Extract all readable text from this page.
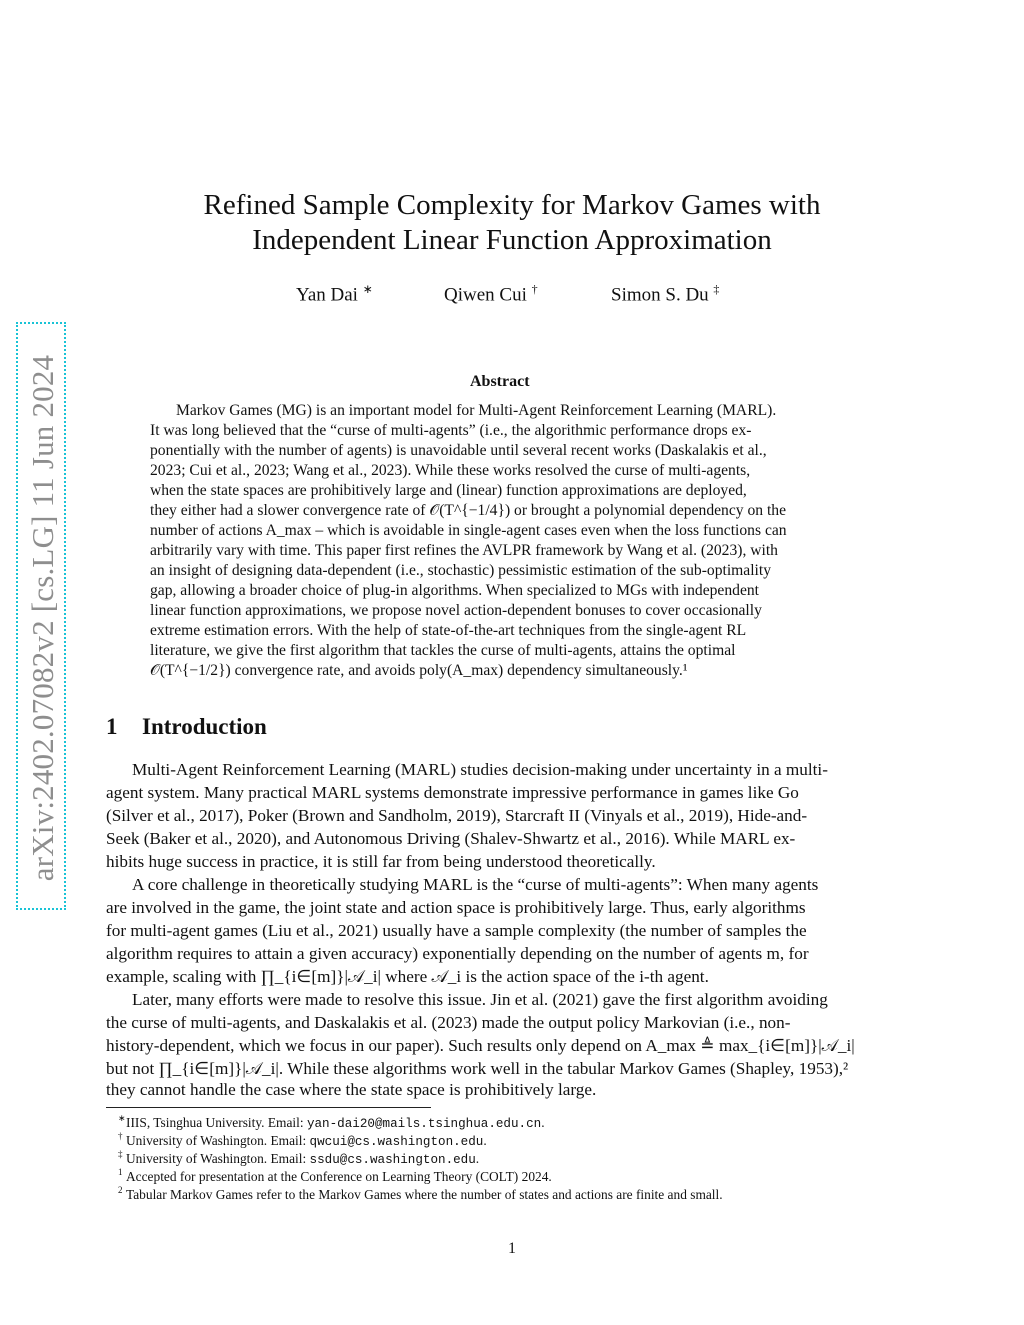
arXiv:2402.07082v2 [cs.LG] 11 Jun 2024
Refined Sample Complexity for Markov Games with
Independent Linear Function Approximation
Yan Dai ∗	Qiwen Cui †	Simon S. Du ‡
Abstract
Markov Games (MG) is an important model for Multi-Agent Reinforcement Learning (MARL).
It was long believed that the “curse of multi-agents” (i.e., the algorithmic performance drops ex-
ponentially with the number of agents) is unavoidable until several recent works (Daskalakis et al.,
2023; Cui et al., 2023; Wang et al., 2023). While these works resolved the curse of multi-agents,
when the state spaces are prohibitively large and (linear) function approximations are deployed,
they either had a slower convergence rate of 𝒪(T^{−1/4}) or brought a polynomial dependency on the
number of actions A_max – which is avoidable in single-agent cases even when the loss functions can
arbitrarily vary with time. This paper first refines the AVLPR framework by Wang et al. (2023), with
an insight of designing data-dependent (i.e., stochastic) pessimistic estimation of the sub-optimality
gap, allowing a broader choice of plug-in algorithms. When specialized to MGs with independent
linear function approximations, we propose novel action-dependent bonuses to cover occasionally
extreme estimation errors. With the help of state-of-the-art techniques from the single-agent RL
literature, we give the first algorithm that tackles the curse of multi-agents, attains the optimal
𝒪(T^{−1/2}) convergence rate, and avoids poly(A_max) dependency simultaneously.¹
1 Introduction
Multi-Agent Reinforcement Learning (MARL) studies decision-making under uncertainty in a multi-
agent system. Many practical MARL systems demonstrate impressive performance in games like Go
(Silver et al., 2017), Poker (Brown and Sandholm, 2019), Starcraft II (Vinyals et al., 2019), Hide-and-
Seek (Baker et al., 2020), and Autonomous Driving (Shalev-Shwartz et al., 2016). While MARL ex-
hibits huge success in practice, it is still far from being understood theoretically.
A core challenge in theoretically studying MARL is the “curse of multi-agents”: When many agents
are involved in the game, the joint state and action space is prohibitively large. Thus, early algorithms
for multi-agent games (Liu et al., 2021) usually have a sample complexity (the number of samples the
algorithm requires to attain a given accuracy) exponentially depending on the number of agents m, for
example, scaling with ∏_{i∈[m]}|𝒜_i| where 𝒜_i is the action space of the i-th agent.
Later, many efforts were made to resolve this issue. Jin et al. (2021) gave the first algorithm avoiding
the curse of multi-agents, and Daskalakis et al. (2023) made the output policy Markovian (i.e., non-
history-dependent, which we focus in our paper). Such results only depend on A_max ≜ max_{i∈[m]}|𝒜_i|
but not ∏_{i∈[m]}|𝒜_i|. While these algorithms work well in the tabular Markov Games (Shapley, 1953),²
they cannot handle the case where the state space is prohibitively large.
∗ IIIS, Tsinghua University. Email: yan-dai20@mails.tsinghua.edu.cn.
† University of Washington. Email: qwcui@cs.washington.edu.
‡ University of Washington. Email: ssdu@cs.washington.edu.
1 Accepted for presentation at the Conference on Learning Theory (COLT) 2024.
2 Tabular Markov Games refer to the Markov Games where the number of states and actions are finite and small.
1
